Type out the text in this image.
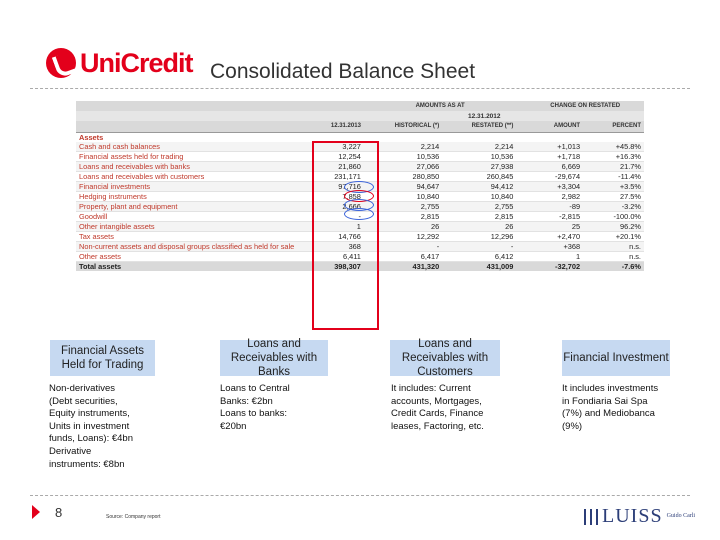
UniCredit Consolidated Balance Sheet
		AMOUNTS AS AT			CHANGE ON RESTATED	
			12.31.2012			
	12.31.2013	HISTORICAL (*)	RESTATED (**)		AMOUNT	PERCENT
Assets						
Cash and cash balances	3,227	2,214	2,214		+1,013	+45.8%
Financial assets held for trading	12,254	10,536	10,536		+1,718	+16.3%
Loans and receivables with banks	21,860	27,066	27,938		6,669	21.7%
Loans and receivables with customers	231,171	280,850	260,845		-29,674	-11.4%
Financial investments	97,716	94,647	94,412		+3,304	+3.5%
Hedging instruments	7,858	10,840	10,840		2,982	27.5%
Property, plant and equipment	2,666	2,755	2,755		-89	-3.2%
Goodwill	-	2,815	2,815		-2,815	-100.0%
Other intangible assets	1	26	26		25	96.2%
Tax assets	14,766	12,292	12,296		+2,470	+20.1%
Non-current assets and disposal groups classified as held for sale	368	-	-		+368	n.s.
Other assets	6,411	6,417	6,412		1	n.s.
Total assets	398,307	431,320	431,009		-32,702	-7.6%
Financial Assets Held for Trading
Loans and Receivables with Banks
Loans and Receivables with Customers
Financial Investment
Non-derivatives
(Debt securities,
Equity instruments,
Units in investment
funds, Loans): €4bn
Derivative
instruments: €8bn
Loans to Central
Banks: €2bn
Loans to banks:
€20bn
It includes: Current
accounts, Mortgages,
Credit Cards, Finance
leases, Factoring, etc.
It includes investments
in Fondiaria Sai Spa
(7%) and Mediobanca
(9%)
8	Source: Company report	LUISS Guido Carli
